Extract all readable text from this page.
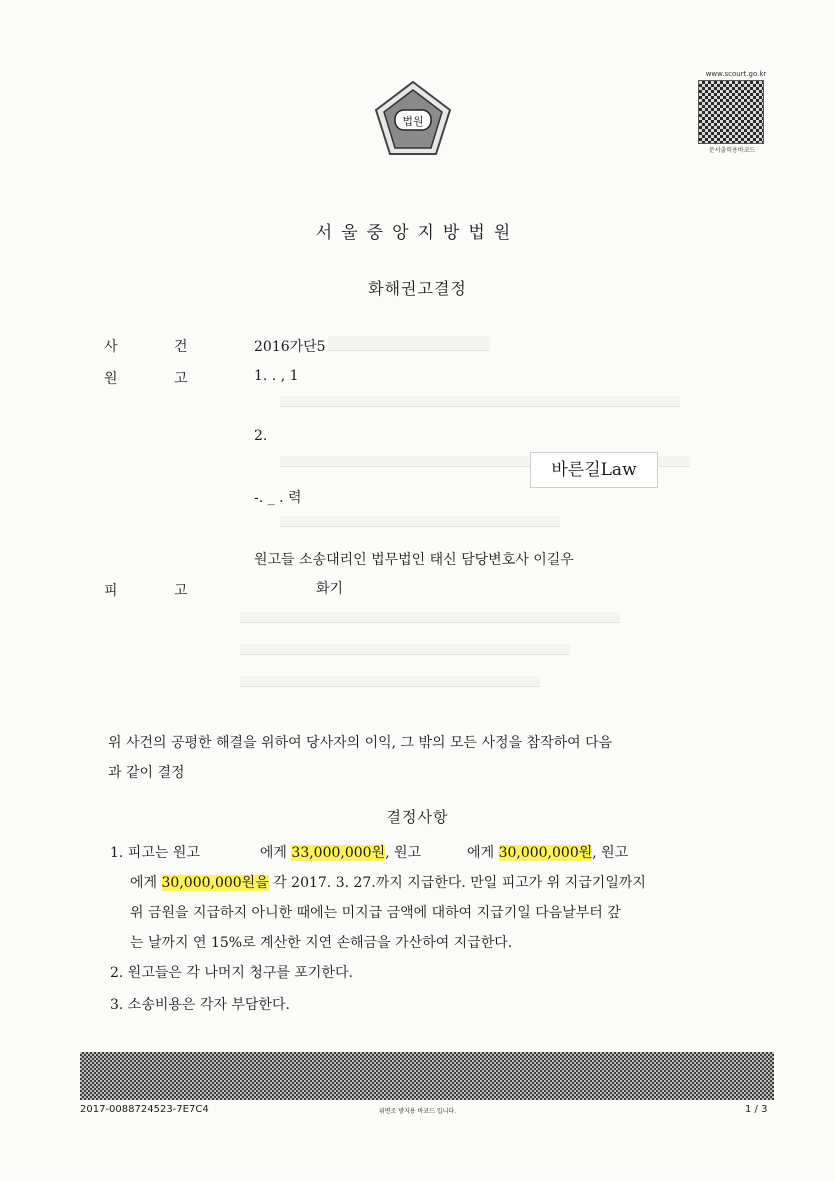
법원
www.scourt.go.kr
문서출력용바코드
서울중앙지방법원
화해권고결정
사	건	2016가단5
원	고	1. . , 1
2.
바른길Law
-. _ . 력
원고들 소송대리인 법무법인 태신 담당변호사 이길우
피	고	화기
위 사건의 공평한 해결을 위하여 당사자의 이익, 그 밖의 모든 사정을 참작하여 다음
과 같이 결정
결정사항
1. 피고는 원고	에게 33,000,000원, 원고	에게 30,000,000원, 원고
에게 30,000,000원을 각 2017. 3. 27.까지 지급한다. 만일 피고가 위 지급기일까지
위 금원을 지급하지 아니한 때에는 미지급 금액에 대하여 지급기일 다음날부터 갚
는 날까지 연 15%로 계산한 지연 손해금을 가산하여 지급한다.
2. 원고들은 각 나머지 청구를 포기한다.
3. 소송비용은 각자 부담한다.
2017-0088724523-7E7C4	위변조 방지용 바코드 입니다.	1 / 3
